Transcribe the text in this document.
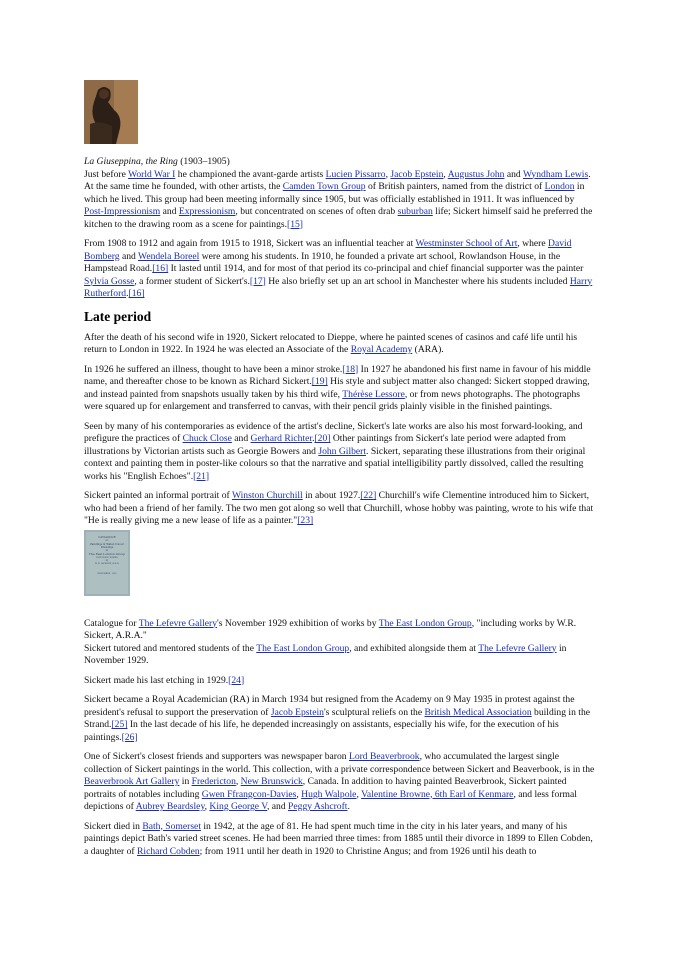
La Giuseppina, the Ring (1903–1905)

Just before World War I he championed the avant-garde artists Lucien Pissarro, Jacob Epstein, Augustus John and Wyndham Lewis. At the same time he founded, with other artists, the Camden Town Group of British painters, named from the district of London in which he lived. This group had been meeting informally since 1905, but was officially established in 1911. It was influenced by Post-Impressionism and Expressionism, but concentrated on scenes of often drab suburban life; Sickert himself said he preferred the kitchen to the drawing room as a scene for paintings.[15]

From 1908 to 1912 and again from 1915 to 1918, Sickert was an influential teacher at Westminster School of Art, where David Bomberg and Wendela Boreel were among his students. In 1910, he founded a private art school, Rowlandson House, in the Hampstead Road.[16] It lasted until 1914, and for most of that period its co-principal and chief financial supporter was the painter Sylvia Gosse, a former student of Sickert's.[17] He also briefly set up an art school in Manchester where his students included Harry Rutherford.[16]

Late period

After the death of his second wife in 1920, Sickert relocated to Dieppe, where he painted scenes of casinos and café life until his return to London in 1922. In 1924 he was elected an Associate of the Royal Academy (ARA).

In 1926 he suffered an illness, thought to have been a minor stroke.[18] In 1927 he abandoned his first name in favour of his middle name, and thereafter chose to be known as Richard Sickert.[19] His style and subject matter also changed: Sickert stopped drawing, and instead painted from snapshots usually taken by his third wife, Thérèse Lessore, or from news photographs. The photographs were squared up for enlargement and transferred to canvas, with their pencil grids plainly visible in the finished paintings.

Seen by many of his contemporaries as evidence of the artist's decline, Sickert's late works are also his most forward-looking, and prefigure the practices of Chuck Close and Gerhard Richter.[20] Other paintings from Sickert's late period were adapted from illustrations by Victorian artists such as Georgie Bowers and John Gilbert. Sickert, separating these illustrations from their original context and painting them in poster-like colours so that the narrative and spatial intelligibility partly dissolved, called the resulting works his "English Echoes".[21]

Sickert painted an informal portrait of Winston Churchill in about 1927.[22] Churchill's wife Clementine introduced him to Sickert, who had been a friend of her family. The two men got along so well that Churchill, whose hobby was painting, wrote to his wife that "He is really giving me a new lease of life as a painter."[23]

CATALOGUE
OF
Paintings & Water-Colour
Drawings
BY
The East London Group
INCLUDING WORKS
BY
W. R. SICKERT, A.R.A.
NOVEMBER, 1929

Catalogue for The Lefevre Gallery's November 1929 exhibition of works by The East London Group, "including works by W.R. Sickert, A.R.A."

Sickert tutored and mentored students of the The East London Group, and exhibited alongside them at The Lefevre Gallery in November 1929.

Sickert made his last etching in 1929.[24]

Sickert became a Royal Academician (RA) in March 1934 but resigned from the Academy on 9 May 1935 in protest against the president's refusal to support the preservation of Jacob Epstein's sculptural reliefs on the British Medical Association building in the Strand.[25] In the last decade of his life, he depended increasingly on assistants, especially his wife, for the execution of his paintings.[26]

One of Sickert's closest friends and supporters was newspaper baron Lord Beaverbrook, who accumulated the largest single collection of Sickert paintings in the world. This collection, with a private correspondence between Sickert and Beaverbook, is in the Beaverbrook Art Gallery in Fredericton, New Brunswick, Canada. In addition to having painted Beaverbrook, Sickert painted portraits of notables including Gwen Ffrangcon-Davies, Hugh Walpole, Valentine Browne, 6th Earl of Kenmare, and less formal depictions of Aubrey Beardsley, King George V, and Peggy Ashcroft.

Sickert died in Bath, Somerset in 1942, at the age of 81. He had spent much time in the city in his later years, and many of his paintings depict Bath's varied street scenes. He had been married three times: from 1885 until their divorce in 1899 to Ellen Cobden, a daughter of Richard Cobden; from 1911 until her death in 1920 to Christine Angus; and from 1926 until his death to
